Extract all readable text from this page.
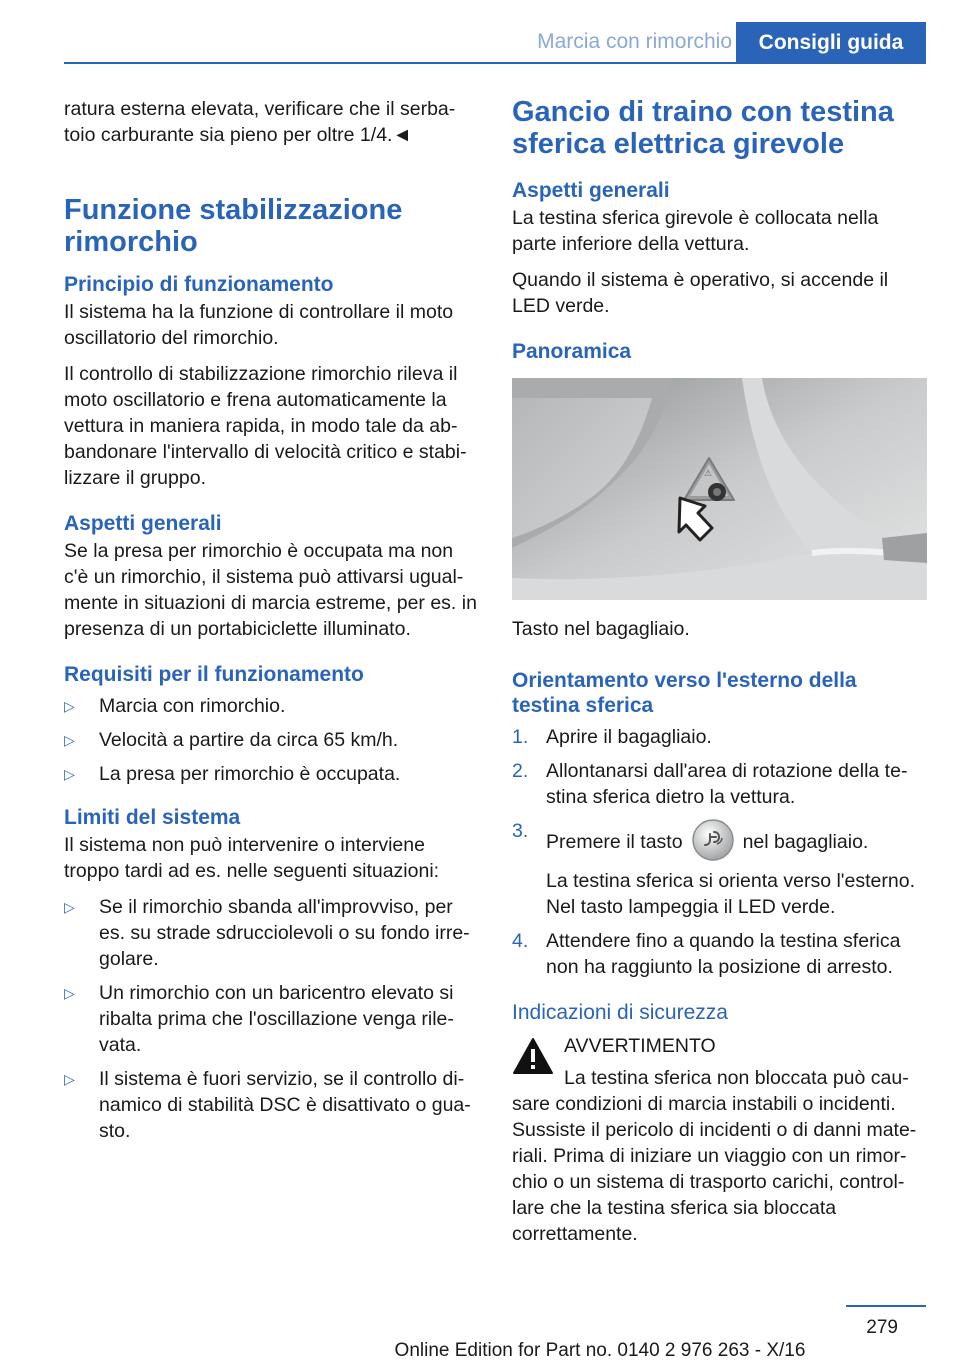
Marcia con rimorchio	Consigli guida

ratura esterna elevata, verificare che il serba-toio carburante sia pieno per oltre 1/4.◄

Funzione stabilizzazione rimorchio
Principio di funzionamento

Il sistema ha la funzione di controllare il moto oscillatorio del rimorchio.

Il controllo di stabilizzazione rimorchio rileva il moto oscillatorio e frena automaticamente la vettura in maniera rapida, in modo tale da ab-bandonare l'intervallo di velocità critico e stabi-lizzare il gruppo.

Aspetti generali

Se la presa per rimorchio è occupata ma non c'è un rimorchio, il sistema può attivarsi ugual-mente in situazioni di marcia estreme, per es. in presenza di un portabiciclette illuminato.

Requisiti per il funzionamento
▷ Marcia con rimorchio.
▷ Velocità a partire da circa 65 km/h.
▷ La presa per rimorchio è occupata.
Limiti del sistema

Il sistema non può intervenire o interviene troppo tardi ad es. nelle seguenti situazioni:

▷ Se il rimorchio sbanda all'improvviso, per es. su strade sdrucciolevoli o su fondo irre-golare.
▷ Un rimorchio con un baricentro elevato si ribalta prima che l'oscillazione venga rile-vata.
▷ Il sistema è fuori servizio, se il controllo di-namico di stabilità DSC è disattivato o gua-sto.
Gancio di traino con testina sferica elettrica girevole
Aspetti generali

La testina sferica girevole è collocata nella parte inferiore della vettura.

Quando il sistema è operativo, si accende il LED verde.

Panoramica
⚠

Tasto nel bagagliaio.

Orientamento verso l'esterno della testina sferica
1. Aprire il bagagliaio.
2. Allontanarsi dall'area di rotazione della te-stina sferica dietro la vettura.
3. Premere il tasto	nel bagagliaio.
La testina sferica si orienta verso l'esterno. Nel tasto lampeggia il LED verde.
4. Attendere fino a quando la testina sferica non ha raggiunto la posizione di arresto.
Indicazioni di sicurezza
AVVERTIMENTO
La testina sferica non bloccata può cau-
sare condizioni di marcia instabili o incidenti. Sussiste il pericolo di incidenti o di danni mate-riali. Prima di iniziare un viaggio con un rimor-chio o un sistema di trasporto carichi, control-lare che la testina sferica sia bloccata correttamente.
279
Online Edition for Part no. 0140 2 976 263 - X/16
